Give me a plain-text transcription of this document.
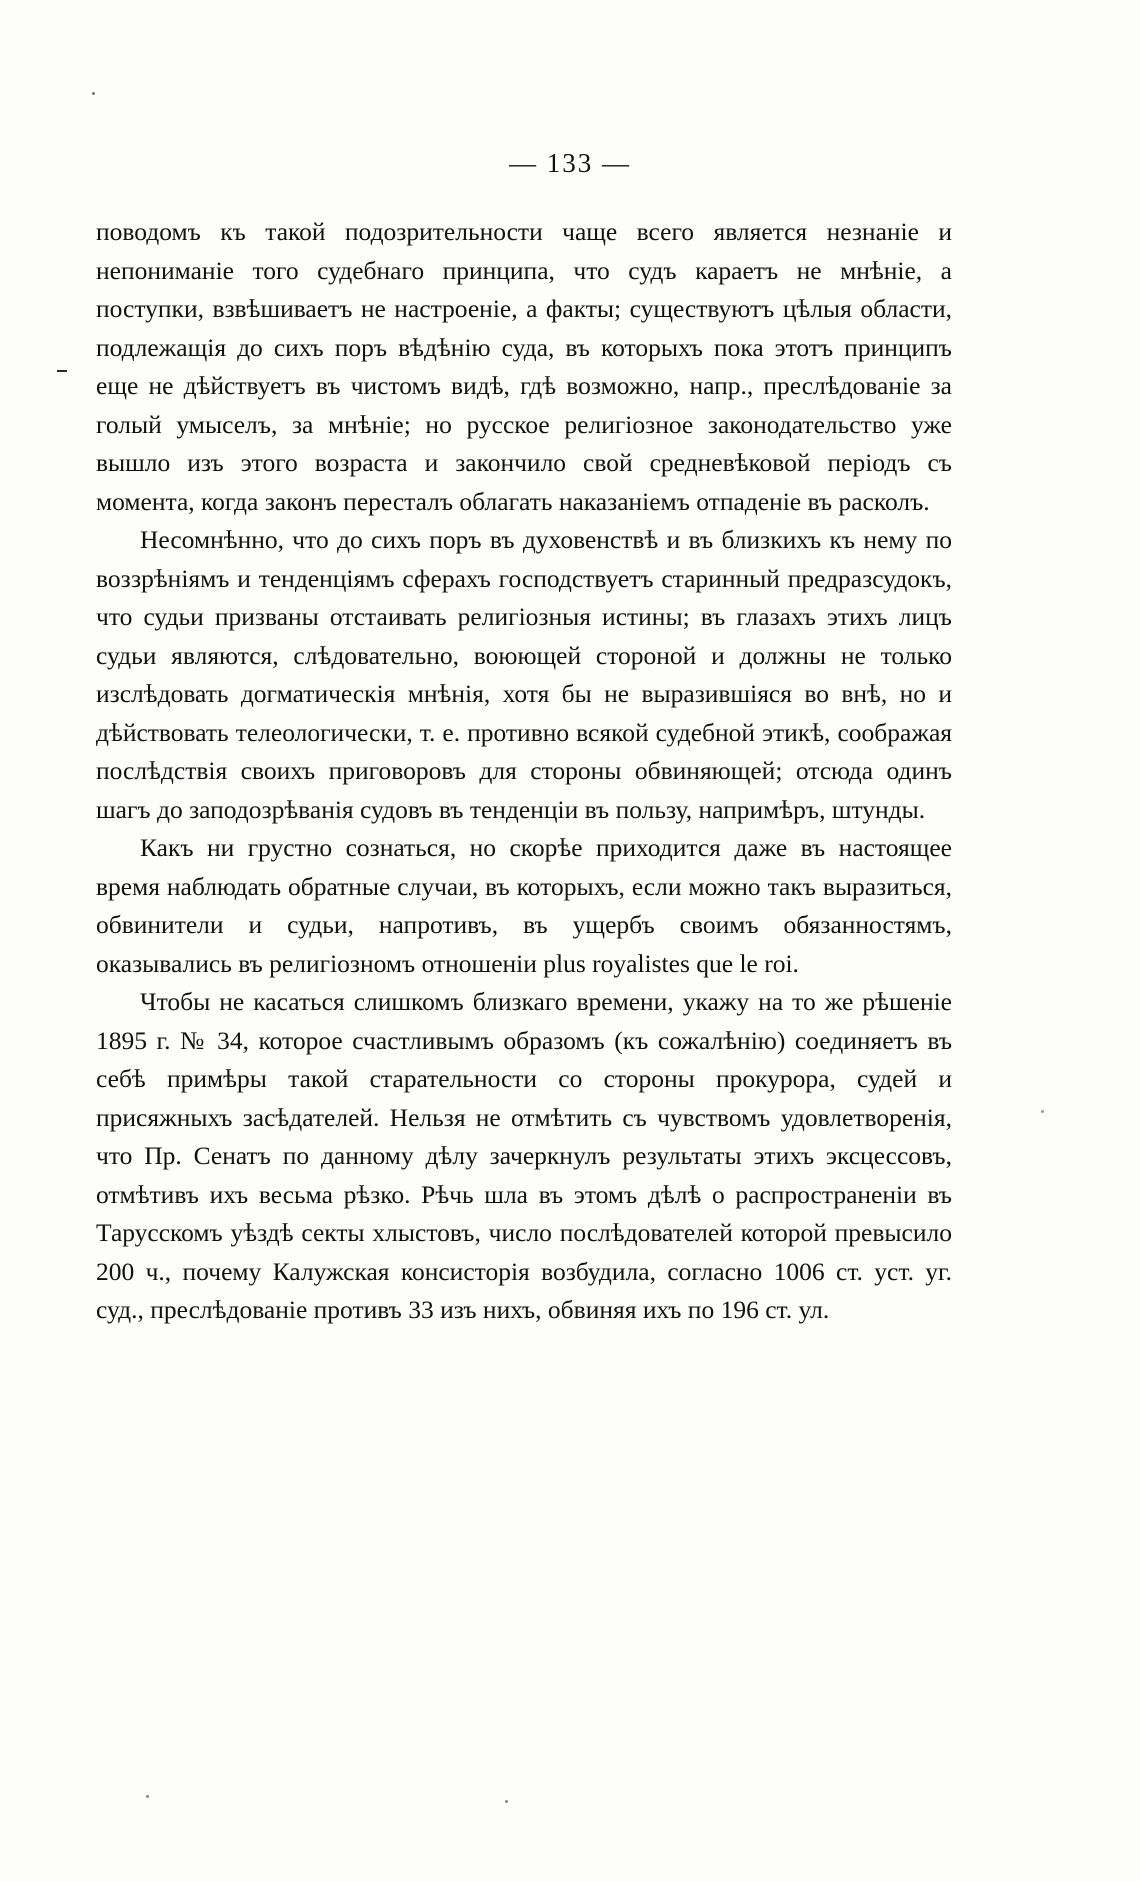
— 133 —

поводомъ къ такой подозрительности чаще всего является незнаніе и непониманіе того судебнаго принципа, что судъ караетъ не мнѣніе, а поступки, взвѣшиваетъ не настроеніе, а факты; существуютъ цѣлыя области, подлежащія до сихъ поръ вѣдѣнію суда, въ которыхъ пока этотъ принципъ еще не дѣйствуетъ въ чистомъ видѣ, гдѣ возможно, напр., преслѣдованіе за голый умыселъ, за мнѣніе; но русское религіозное законодательство уже вышло изъ этого возраста и закончило свой средневѣковой періодъ съ момента, когда законъ пересталъ облагать наказаніемъ отпаденіе въ расколъ.

Несомнѣнно, что до сихъ поръ въ духовенствѣ и въ близкихъ къ нему по воззрѣніямъ и тенденціямъ сферахъ господствуетъ старинный предразсудокъ, что судьи призваны отстаивать религіозныя истины; въ глазахъ этихъ лицъ судьи являются, слѣдовательно, воюющей стороной и должны не только изслѣдовать догматическія мнѣнія, хотя бы не выразившіяся во внѣ, но и дѣйствовать телеологически, т. е. противно всякой судебной этикѣ, соображая послѣдствія своихъ приговоровъ для стороны обвиняющей; отсюда одинъ шагъ до заподозрѣванія судовъ въ тенденціи въ пользу, напримѣръ, штунды.

Какъ ни грустно сознаться, но скорѣе приходится даже въ настоящее время наблюдать обратные случаи, въ которыхъ, если можно такъ выразиться, обвинители и судьи, напротивъ, въ ущербъ своимъ обязанностямъ, оказывались въ религіозномъ отношеніи plus royalistes que le roi.

Чтобы не касаться слишкомъ близкаго времени, укажу на то же рѣшеніе 1895 г. № 34, которое счастливымъ образомъ (къ сожалѣнію) соединяетъ въ себѣ примѣры такой старательности со стороны прокурора, судей и присяжныхъ засѣдателей. Нельзя не отмѣтить съ чувствомъ удовлетворенія, что Пр. Сенатъ по данному дѣлу зачеркнулъ результаты этихъ эксцессовъ, отмѣтивъ ихъ весьма рѣзко. Рѣчь шла въ этомъ дѣлѣ о распространеніи въ Тарусскомъ уѣздѣ секты хлыстовъ, число послѣдователей которой превысило 200 ч., почему Калужская консисторія возбудила, согласно 1006 ст. уст. уг. суд., преслѣдованіе противъ 33 изъ нихъ, обвиняя ихъ по 196 ст. ул.
